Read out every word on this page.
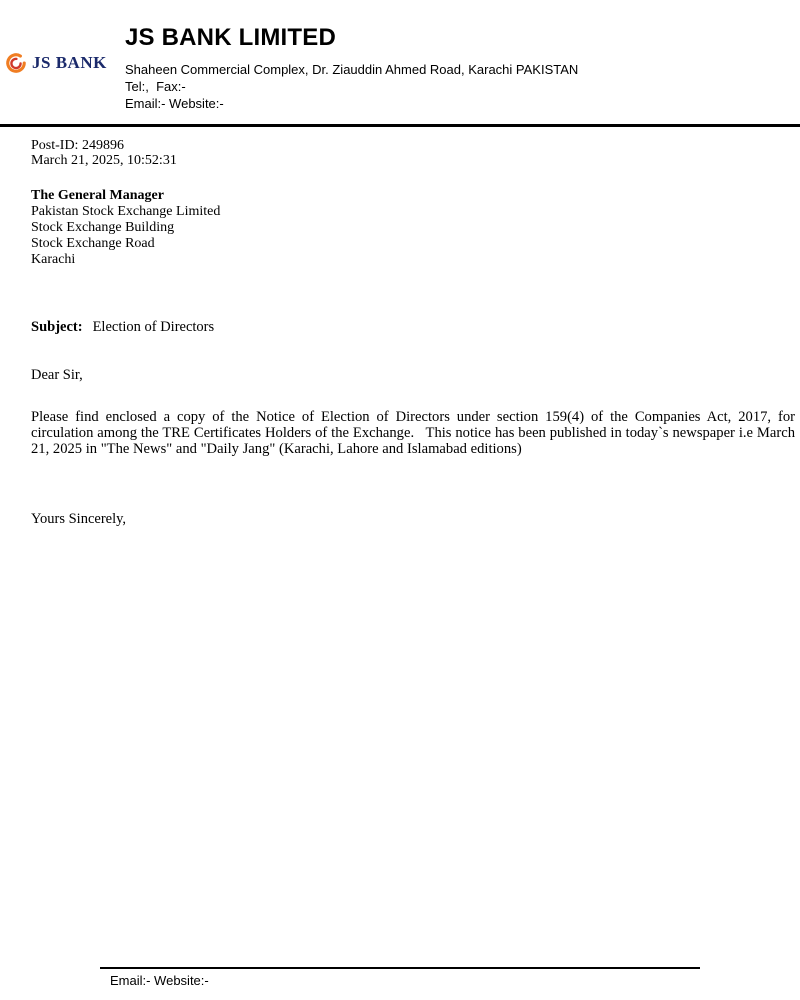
JS BANK
JS BANK LIMITED
Shaheen Commercial Complex, Dr. Ziauddin Ahmed Road, Karachi PAKISTAN
Tel:,  Fax:-
Email:- Website:-
Post-ID: 249896
March 21, 2025, 10:52:31
The General Manager
Pakistan Stock Exchange Limited
Stock Exchange Building
Stock Exchange Road
Karachi
Subject: Election of Directors
Dear Sir,
Please find enclosed a copy of the Notice of Election of Directors under section 159(4) of the Companies Act, 2017, for circulation among the TRE Certificates Holders of the Exchange.   This notice has been published in today`s newspaper i.e March 21, 2025 in "The News" and "Daily Jang" (Karachi, Lahore and Islamabad editions)
Yours Sincerely,
Email:- Website:-
